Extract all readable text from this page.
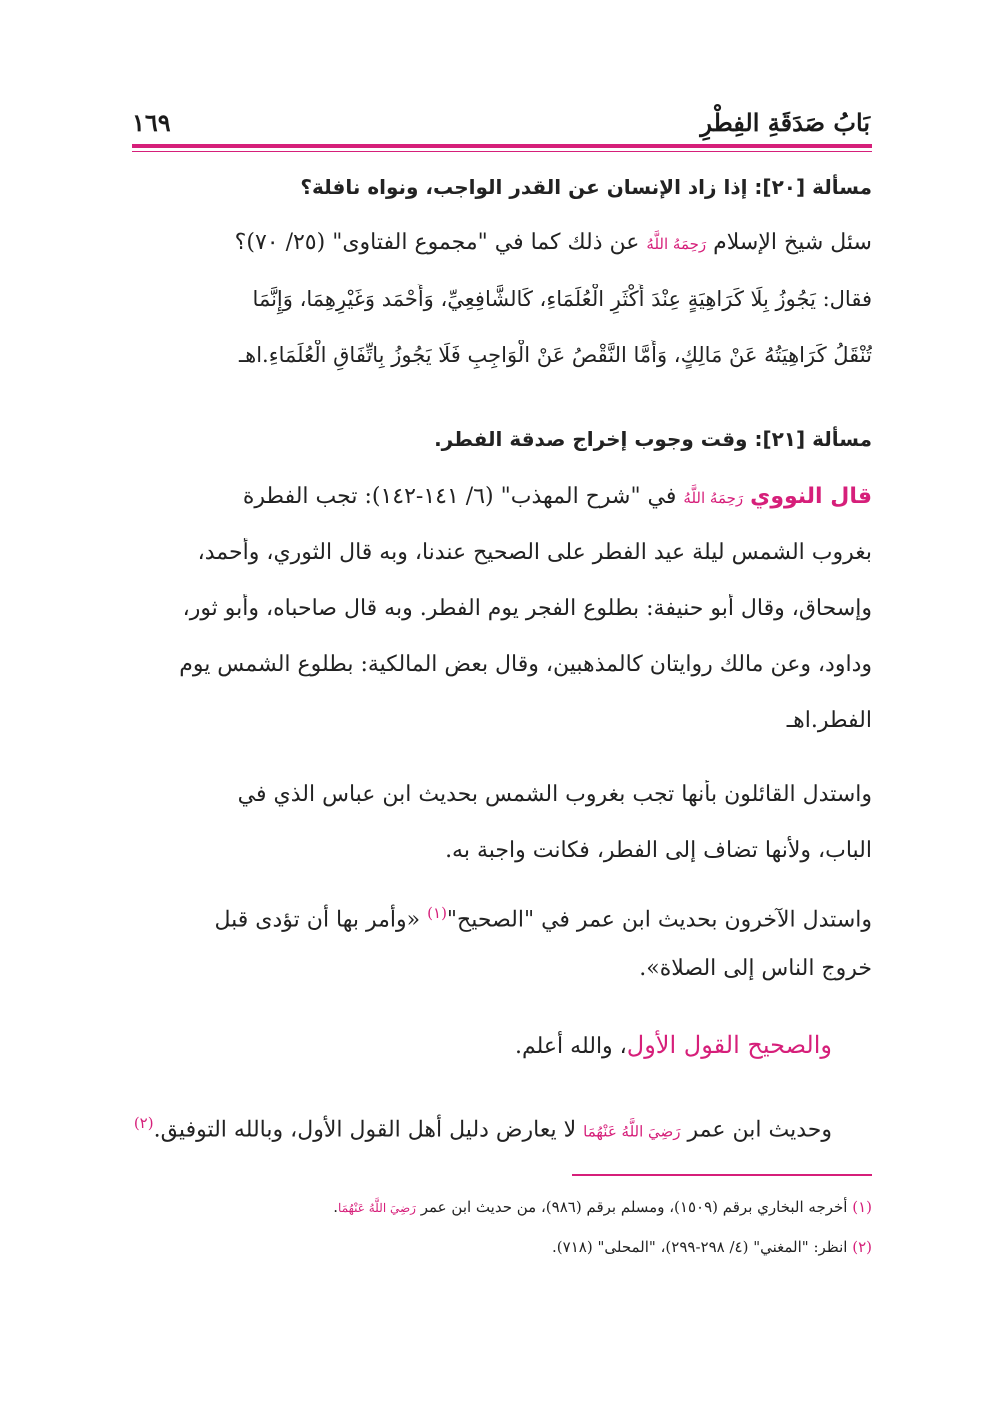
بَابُ صَدَقَةِ الفِطْرِ
١٦٩
مسألة [٢٠]: إذا زاد الإنسان عن القدر الواجب، ونواه نافلة؟
سئل شيخ الإسلام رَحِمَهُ اللَّهُ عن ذلك كما في "مجموع الفتاوى" (٢٥/ ٧٠)؟
فقال: يَجُوزُ بِلَا كَرَاهِيَةٍ عِنْدَ أَكْثَرِ الْعُلَمَاءِ، كَالشَّافِعِيِّ، وَأَحْمَد وَغَيْرِهِمَا، وَإِنَّمَا
تُنْقَلُ كَرَاهِيَتُهُ عَنْ مَالِكٍ، وَأَمَّا النَّقْصُ عَنْ الْوَاجِبِ فَلَا يَجُوزُ بِاتِّفَاقِ الْعُلَمَاءِ.اهـ
مسألة [٢١]: وقت وجوب إخراج صدقة الفطر.
قال النووي رَحِمَهُ اللَّهُ في "شرح المهذب" (٦/ ١٤١-١٤٢): تجب الفطرة
بغروب الشمس ليلة عيد الفطر على الصحيح عندنا، وبه قال الثوري، وأحمد،
وإسحاق، وقال أبو حنيفة: بطلوع الفجر يوم الفطر. وبه قال صاحباه، وأبو ثور،
وداود، وعن مالك روايتان كالمذهبين، وقال بعض المالكية: بطلوع الشمس يوم
الفطر.اهـ
واستدل القائلون بأنها تجب بغروب الشمس بحديث ابن عباس الذي في
الباب، ولأنها تضاف إلى الفطر، فكانت واجبة به.
واستدل الآخرون بحديث ابن عمر في "الصحيح"$^{(١)}$ «وأمر بها أن تؤدى قبل
خروج الناس إلى الصلاة».
والصحيح القول الأول، والله أعلم.
وحديث ابن عمر رَضِيَ اللَّهُ عَنْهُمَا لا يعارض دليل أهل القول الأول، وبالله التوفيق.$^{(٢)}$
(١) أخرجه البخاري برقم (١٥٠٩)، ومسلم برقم (٩٨٦)، من حديث ابن عمر رَضِيَ اللَّهُ عَنْهُمَا.
(٢) انظر: "المغني" (٤/ ٢٩٨-٢٩٩)، "المحلى" (٧١٨).
